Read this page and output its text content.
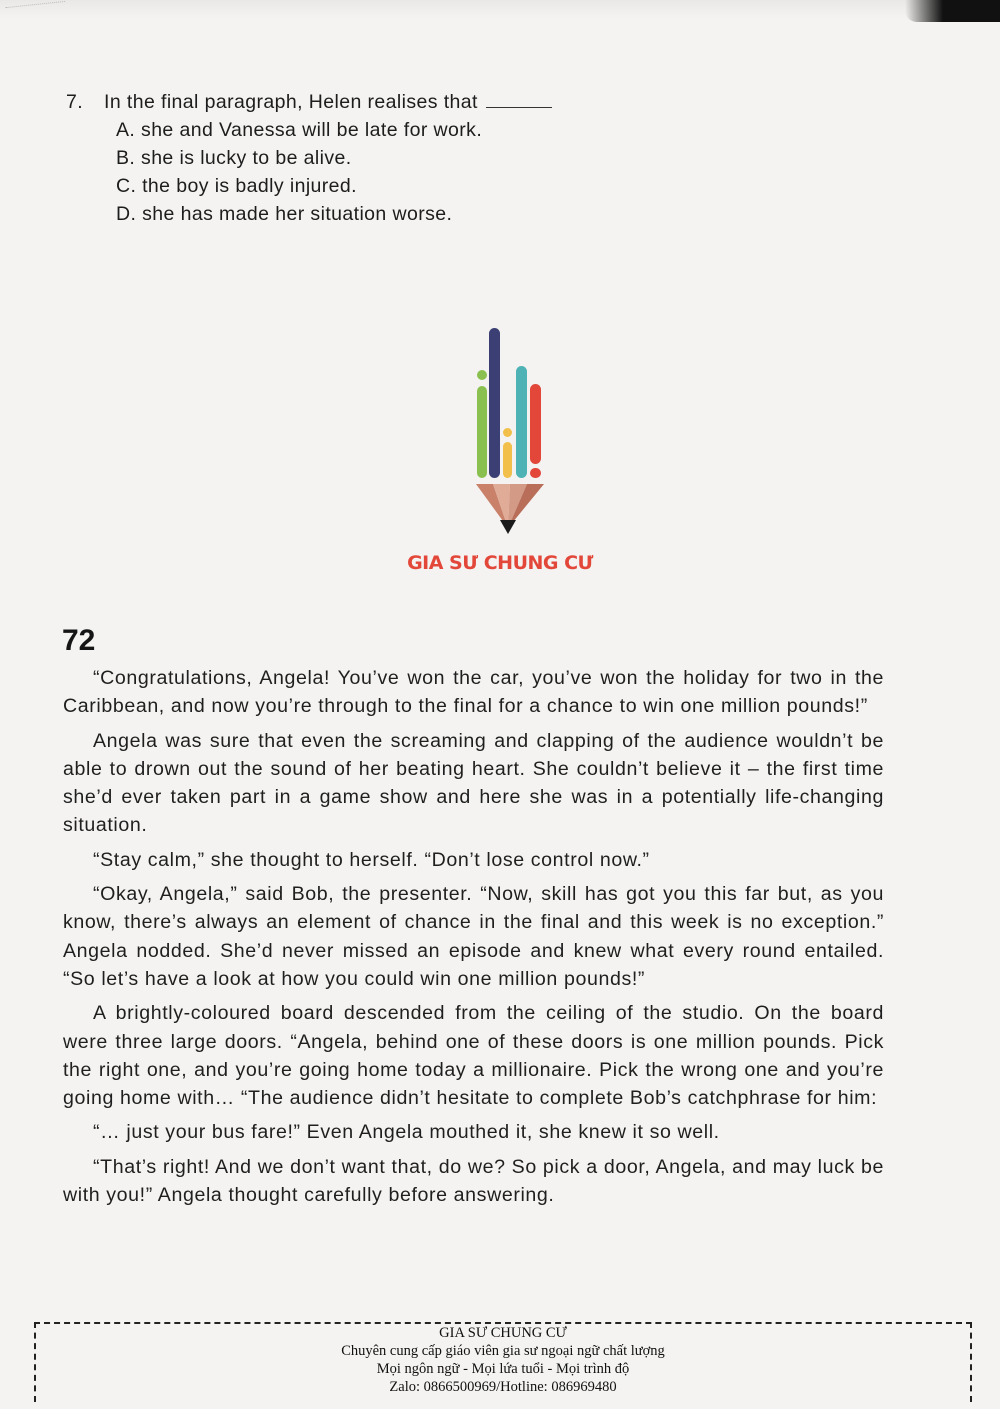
7.	In the final paragraph, Helen realises that
A. she and Vanessa will be late for work.
B. she is lucky to be alive.
C. the boy is badly injured.
D. she has made her situation worse.
GIA SƯ CHUNG CƯ
72

“Congratulations, Angela! You’ve won the car, you’ve won the holiday for two in the Caribbean, and now you’re through to the final for a chance to win one million pounds!”

Angela was sure that even the screaming and clapping of the audience wouldn’t be able to drown out the sound of her beating heart. She couldn’t believe it – the first time she’d ever taken part in a game show and here she was in a potentially life-changing situation.

“Stay calm,” she thought to herself. “Don’t lose control now.”

“Okay, Angela,” said Bob, the presenter. “Now, skill has got you this far but, as you know, there’s always an element of chance in the final and this week is no exception.” Angela nodded. She’d never missed an episode and knew what every round entailed. “So let’s have a look at how you could win one million pounds!”

A brightly-coloured board descended from the ceiling of the studio. On the board were three large doors. “Angela, behind one of these doors is one million pounds. Pick the right one, and you’re going home today a millionaire. Pick the wrong one and you’re going home with… “The audience didn’t hesitate to complete Bob’s catchphrase for him:

“… just your bus fare!” Even Angela mouthed it, she knew it so well.

“That’s right! And we don’t want that, do we? So pick a door, Angela, and may luck be with you!” Angela thought carefully before answering.

GIA SƯ CHUNG CƯ
Chuyên cung cấp giáo viên gia sư ngoại ngữ chất lượng
Mọi ngôn ngữ - Mọi lứa tuổi - Mọi trình độ
Zalo: 0866500969/Hotline: 086969480
